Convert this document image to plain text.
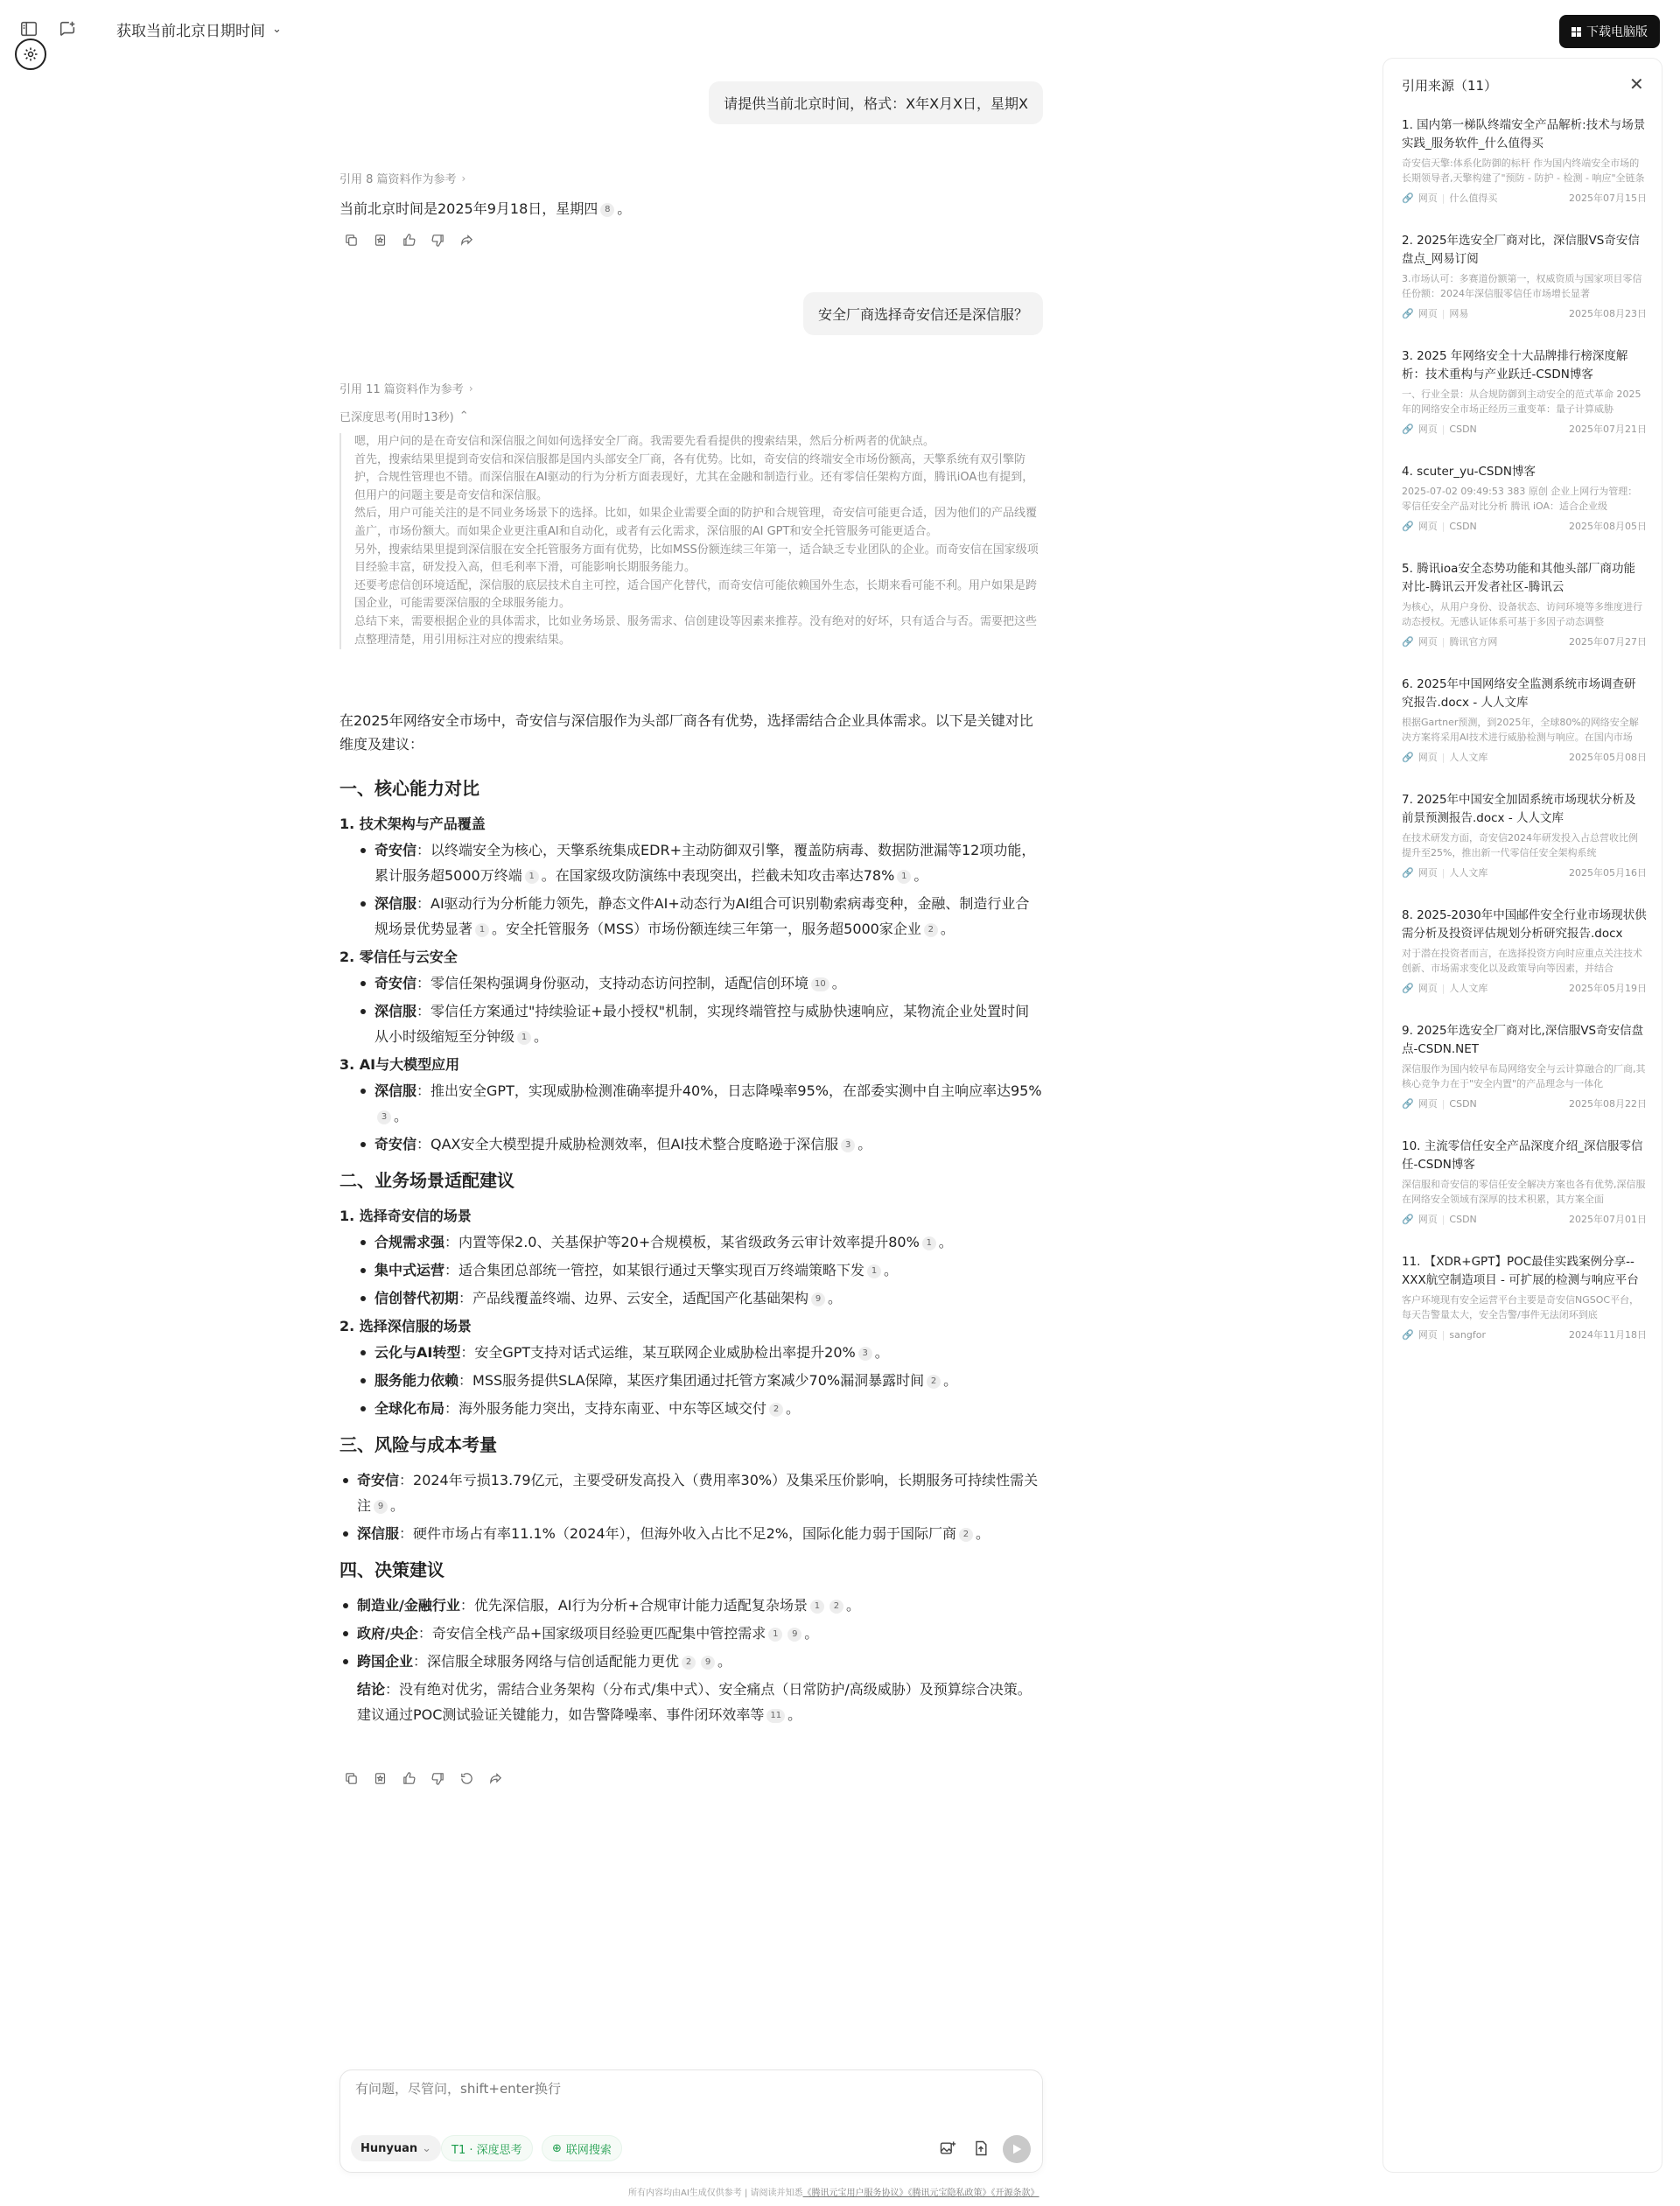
获取当前北京日期时间 ⌄	下载电脑版
请提供当前北京时间，格式：X年X月X日，星期X
引用 8 篇资料作为参考 ›
当前北京时间是2025年9月18日，星期四 8 。
安全厂商选择奇安信还是深信服？
引用 11 篇资料作为参考 ›
已深度思考(用时13秒) ⌃

嗯，用户问的是在奇安信和深信服之间如何选择安全厂商。我需要先看看提供的搜索结果，然后分析两者的优缺点。

首先，搜索结果里提到奇安信和深信服都是国内头部安全厂商，各有优势。比如，奇安信的终端安全市场份额高，天擎系统有双引擎防护，合规性管理也不错。而深信服在AI驱动的行为分析方面表现好，尤其在金融和制造行业。还有零信任架构方面，腾讯iOA也有提到，但用户的问题主要是奇安信和深信服。

然后，用户可能关注的是不同业务场景下的选择。比如，如果企业需要全面的防护和合规管理，奇安信可能更合适，因为他们的产品线覆盖广，市场份额大。而如果企业更注重AI和自动化，或者有云化需求，深信服的AI GPT和安全托管服务可能更适合。

另外，搜索结果里提到深信服在安全托管服务方面有优势，比如MSS份额连续三年第一，适合缺乏专业团队的企业。而奇安信在国家级项目经验丰富，研发投入高，但毛利率下滑，可能影响长期服务能力。

还要考虑信创环境适配，深信服的底层技术自主可控，适合国产化替代，而奇安信可能依赖国外生态，长期来看可能不利。用户如果是跨国企业，可能需要深信服的全球服务能力。

总结下来，需要根据企业的具体需求，比如业务场景、服务需求、信创建设等因素来推荐。没有绝对的好坏，只有适合与否。需要把这些点整理清楚，用引用标注对应的搜索结果。

在2025年网络安全市场中，奇安信与深信服作为头部厂商各有优势，选择需结合企业具体需求。以下是关键对比维度及建议：
一、核心能力对比
1. 技术架构与产品覆盖
奇安信：以终端安全为核心，天擎系统集成EDR+主动防御双引擎，覆盖防病毒、数据防泄漏等12项功能，累计服务超5000万终端 1 。在国家级攻防演练中表现突出，拦截未知攻击率达78% 1 。
深信服：AI驱动行为分析能力领先，静态文件AI+动态行为AI组合可识别勒索病毒变种，金融、制造行业合规场景优势显著 1 。安全托管服务（MSS）市场份额连续三年第一，服务超5000家企业 2 。
2. 零信任与云安全
奇安信：零信任架构强调身份驱动，支持动态访问控制，适配信创环境 10 。
深信服：零信任方案通过"持续验证+最小授权"机制，实现终端管控与威胁快速响应，某物流企业处置时间从小时级缩短至分钟级 1 。
3. AI与大模型应用
深信服：推出安全GPT，实现威胁检测准确率提升40%，日志降噪率95%，在部委实测中自主响应率达95%3 。
奇安信：QAX安全大模型提升威胁检测效率，但AI技术整合度略逊于深信服 3 。
二、业务场景适配建议
1. 选择奇安信的场景
合规需求强：内置等保2.0、关基保护等20+合规模板，某省级政务云审计效率提升80% 1 。
集中式运营：适合集团总部统一管控，如某银行通过天擎实现百万终端策略下发 1 。
信创替代初期：产品线覆盖终端、边界、云安全，适配国产化基础架构 9 。
2. 选择深信服的场景
云化与AI转型：安全GPT支持对话式运维，某互联网企业威胁检出率提升20% 3 。
服务能力依赖：MSS服务提供SLA保障，某医疗集团通过托管方案减少70%漏洞暴露时间 2 。
全球化布局：海外服务能力突出，支持东南亚、中东等区域交付 2 。
三、风险与成本考量
奇安信：2024年亏损13.79亿元，主要受研发高投入（费用率30%）及集采压价影响，长期服务可持续性需关注 9 。
深信服：硬件市场占有率11.1%（2024年），但海外收入占比不足2%，国际化能力弱于国际厂商 2 。
四、决策建议
制造业/金融行业：优先深信服，AI行为分析+合规审计能力适配复杂场景 1 2 。
政府/央企：奇安信全栈产品+国家级项目经验更匹配集中管控需求 1 9 。
跨国企业：深信服全球服务网络与信创适配能力更优 2 9 。
结论：没有绝对优劣，需结合业务架构（分布式/集中式）、安全痛点（日常防护/高级威胁）及预算综合决策。建议通过POC测试验证关键能力，如告警降噪率、事件闭环效率等 11 。
有问题，尽管问，shift+enter换行
Hunyuan ⌄ T1 · 深度思考	⊕ 联网搜索
所有内容均由AI生成仅供参考 | 请阅读并知悉《腾讯元宝用户服务协议》《腾讯元宝隐私政策》《开源条款》
引用来源（11）	✕
1. 国内第一梯队终端安全产品解析:技术与场景实践_服务软件_什么值得买
奇安信天擎:体系化防御的标杆 作为国内终端安全市场的长期领导者,天擎构建了"预防 - 防护 - 检测 - 响应"全链条
🔗 网页 | 什么值得买	2025年07月15日
2. 2025年选安全厂商对比，深信服VS奇安信盘点_网易订阅
3.市场认可：多赛道份额第一，权威资质与国家项目零信任份额：2024年深信服零信任市场增长显著
🔗 网页 | 网易	2025年08月23日
3. 2025 年网络安全十大品牌排行榜深度解析：技术重构与产业跃迁-CSDN博客
一、行业全景：从合规防御到主动安全的范式革命 2025年的网络安全市场正经历三重变革：量子计算威胁
🔗 网页 | CSDN	2025年07月21日
4. scuter_yu-CSDN博客
2025-07-02 09:49:53 383 原创 企业上网行为管理：零信任安全产品对比分析 腾讯 iOA：适合企业级
🔗 网页 | CSDN	2025年08月05日
5. 腾讯ioa安全态势功能和其他头部厂商功能对比-腾讯云开发者社区-腾讯云
为核心，从用户身份、设备状态、访问环境等多维度进行动态授权。无感认证体系可基于多因子动态调整
🔗 网页 | 腾讯官方网	2025年07月27日
6. 2025年中国网络安全监测系统市场调查研究报告.docx - 人人文库
根据Gartner预测，到2025年，全球80%的网络安全解决方案将采用AI技术进行威胁检测与响应。在国内市场
🔗 网页 | 人人文库	2025年05月08日
7. 2025年中国安全加固系统市场现状分析及前景预测报告.docx - 人人文库
在技术研发方面，奇安信2024年研发投入占总营收比例提升至25%，推出新一代零信任安全架构系统
🔗 网页 | 人人文库	2025年05月16日
8. 2025-2030年中国邮件安全行业市场现状供需分析及投资评估规划分析研究报告.docx
对于潜在投资者而言，在选择投资方向时应重点关注技术创新、市场需求变化以及政策导向等因素，并结合
🔗 网页 | 人人文库	2025年05月19日
9. 2025年选安全厂商对比,深信服VS奇安信盘点-CSDN.NET
深信服作为国内较早布局网络安全与云计算融合的厂商,其核心竞争力在于"安全内置"的产品理念与一体化
🔗 网页 | CSDN	2025年08月22日
10. 主流零信任安全产品深度介绍_深信服零信任-CSDN博客
深信服和奇安信的零信任安全解决方案也各有优势,深信服在网络安全领域有深厚的技术积累，其方案全面
🔗 网页 | CSDN	2025年07月01日
11. 【XDR+GPT】POC最佳实践案例分享--XXX航空制造项目 - 可扩展的检测与响应平台
客户环境现有安全运营平台主要是奇安信NGSOC平台，每天告警量太大，安全告警/事件无法闭环到底
🔗 网页 | sangfor	2024年11月18日
